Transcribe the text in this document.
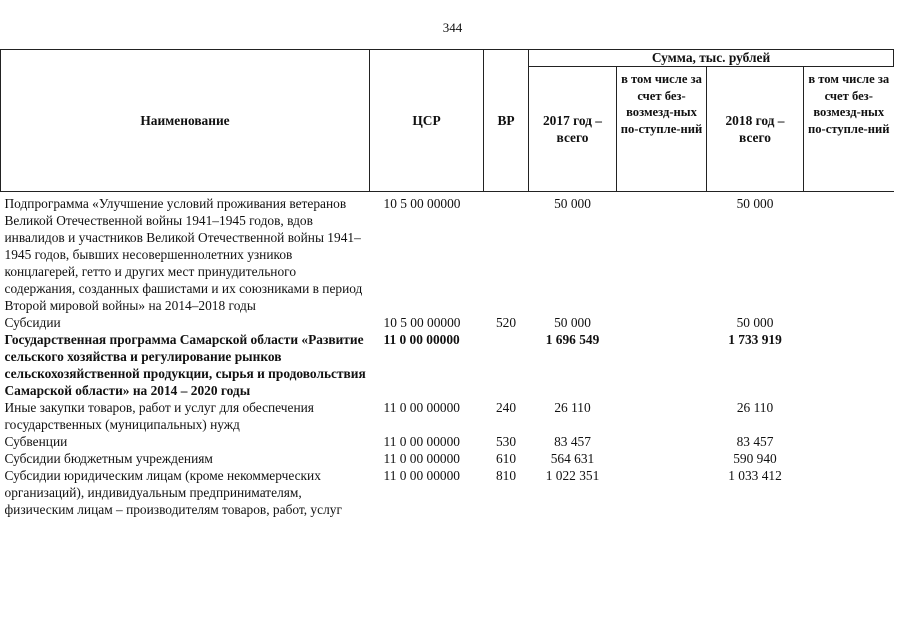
344
Наименование	ЦСР	ВР	Сумма, тыс. рублей			
			2017 год – всего	в том числе за счет без-возмезд-ных по-ступле-ний	2018 год – всего	в том числе за счет без-возмезд-ных по-ступле-ний
Подпрограмма «Улучшение условий проживания ветеранов Великой Отечественной войны 1941–1945 годов, вдов инвалидов и участников Великой Отечественной войны 1941–1945 годов, бывших несовершеннолетних узников концлагерей, гетто и других мест принудительного содержания, созданных фашистами и их союзниками в период Второй мировой войны» на 2014–2018 годы	10 5 00 00000		50 000		50 000	
Субсидии	10 5 00 00000	520	50 000		50 000	
Государственная программа Самарской области «Развитие сельского хозяйства и регулирование рынков сельскохозяйственной продукции, сырья и продовольствия Самарской области» на 2014 – 2020 годы	11 0 00 00000		1 696 549		1 733 919	
Иные закупки товаров, работ и услуг для обеспечения государственных (муниципальных) нужд	11 0 00 00000	240	26 110		26 110	
Субвенции	11 0 00 00000	530	83 457		83 457	
Субсидии бюджетным учреждениям	11 0 00 00000	610	564 631		590 940	
Субсидии юридическим лицам (кроме некоммерческих организаций), индивидуальным предпринимателям, физическим лицам – производителям товаров, работ, услуг	11 0 00 00000	810	1 022 351		1 033 412	
